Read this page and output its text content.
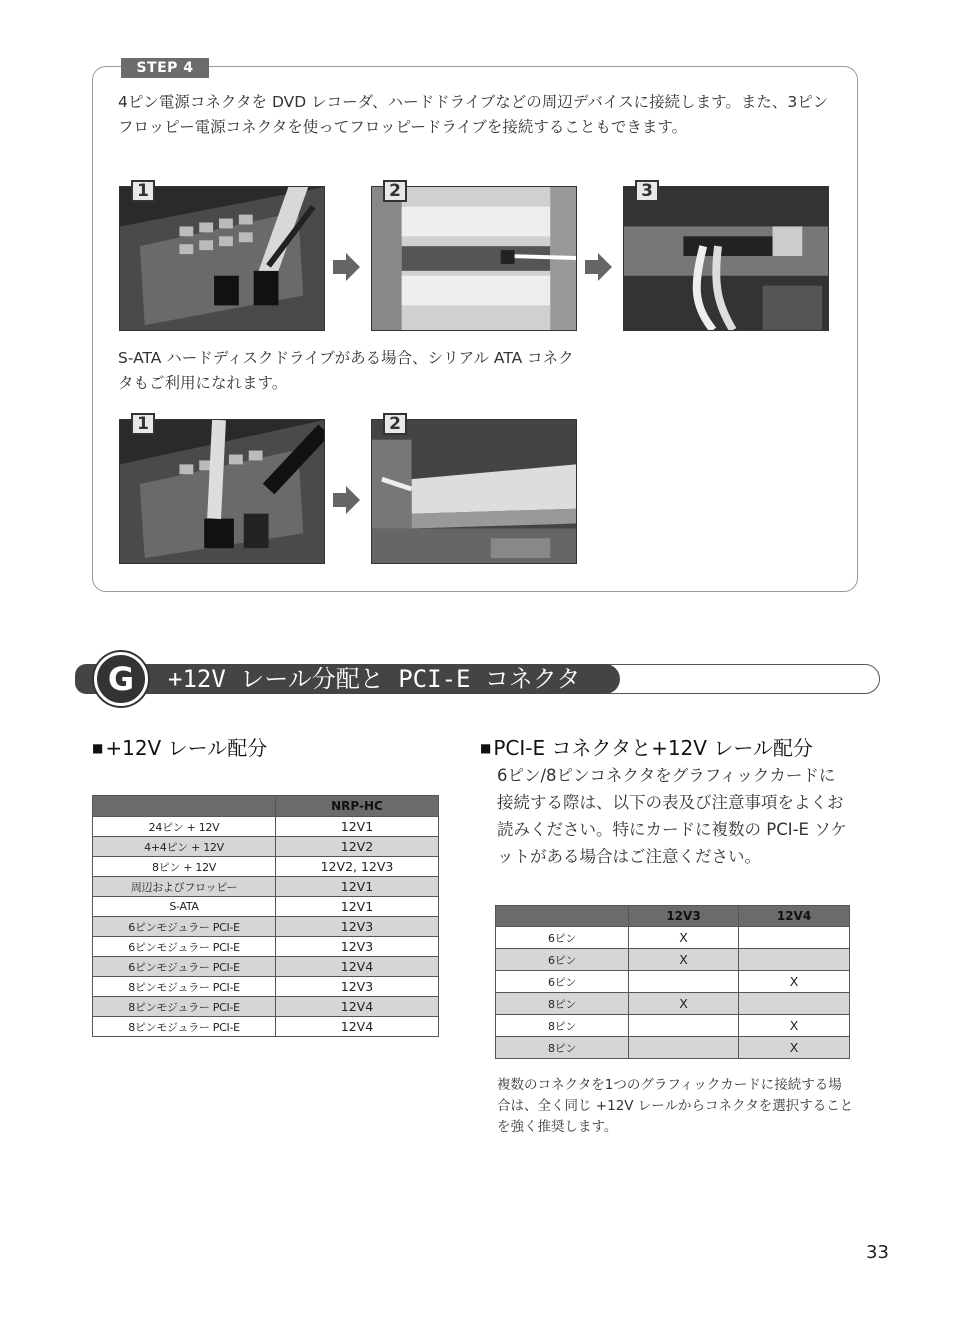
STEP 4
4ピン電源コネクタを DVD レコーダ、ハードドライブなどの周辺デバイスに接続します。また、3ピンフロッピー電源コネクタを使ってフロッピードライブを接続することもできます。
1	2	3
S-ATA ハードディスクドライブがある場合、シリアル ATA コネクタもご利用になれます。
1	2
G	+12V レール分配と PCI-E コネクタ
■ +12V レール配分
	NRP-HC
24ピン + 12V	12V1
4+4ピン + 12V	12V2
8ピン + 12V	12V2, 12V3
周辺およびフロッピー	12V1
S-ATA	12V1
6ピンモジュラー PCI-E	12V3
6ピンモジュラー PCI-E	12V3
6ピンモジュラー PCI-E	12V4
8ピンモジュラー PCI-E	12V3
8ピンモジュラー PCI-E	12V4
8ピンモジュラー PCI-E	12V4
■ PCI-E コネクタと+12V レール配分
6ピン/8ピンコネクタをグラフィックカードに接続する際は、以下の表及び注意事項をよくお読みください。特にカードに複数の PCI-E ソケットがある場合はご注意ください。
	12V3	12V4
6ピン	X	
6ピン	X	
6ピン		X
8ピン	X	
8ピン		X
8ピン		X
複数のコネクタを1つのグラフィックカードに接続する場合は、全く同じ +12V レールからコネクタを選択することを強く推奨します。
33
